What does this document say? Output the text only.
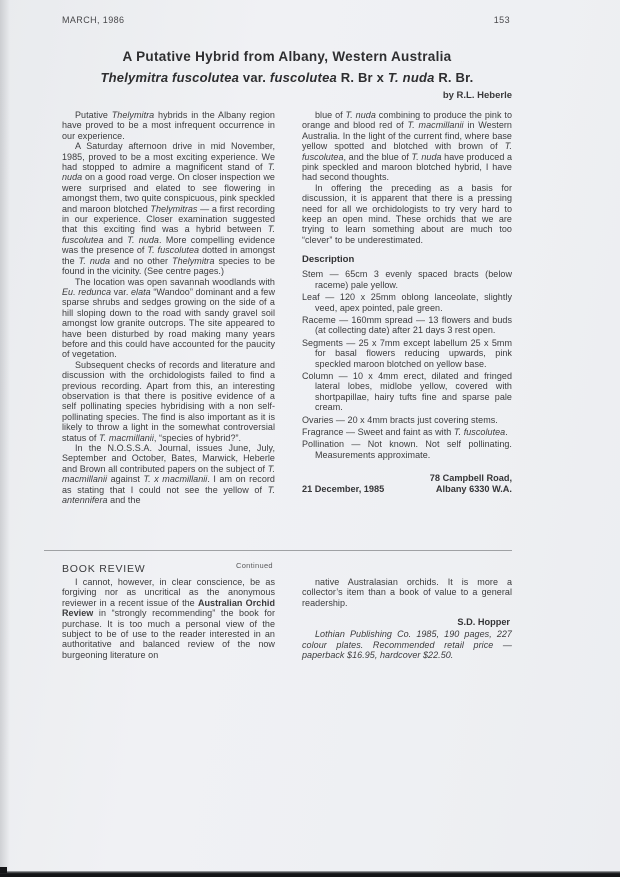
MARCH, 1986	153
A Putative Hybrid from Albany, Western Australia
Thelymitra fuscolutea var. fuscolutea R. Br x T. nuda R. Br.
by R.L. Heberle

Putative Thelymitra hybrids in the Albany region have proved to be a most infrequent occurrence in our experience.

A Saturday afternoon drive in mid November, 1985, proved to be a most exciting experience. We had stopped to admire a magnificent stand of T. nuda on a good road verge. On closer inspection we were surprised and elated to see flowering in amongst them, two quite conspicuous, pink speckled and maroon blotched Thelymitras — a first recording in our experience. Closer examination suggested that this exciting find was a hybrid between T. fuscolutea and T. nuda. More compelling evidence was the presence of T. fuscolutea dotted in amongst the T. nuda and no other Thelymitra species to be found in the vicinity. (See centre pages.)

The location was open savannah woodlands with Eu. redunca var. elata “Wandoo” dominant and a few sparse shrubs and sedges growing on the side of a hill sloping down to the road with sandy gravel soil amongst low granite outcrops. The site appeared to have been disturbed by road making many years before and this could have accounted for the paucity of vegetation.

Subsequent checks of records and literature and discussion with the orchidologists failed to find a previous recording. Apart from this, an interesting observation is that there is positive evidence of a self pollinating species hybridising with a non self-pollinating species. The find is also important as it is likely to throw a light in the somewhat controversial status of T. macmillanii, “species of hybrid?”.

In the N.O.S.S.A. Journal, issues June, July, September and October, Bates, Marwick, Heberle and Brown all contributed papers on the subject of T. macmillanii against T. x macmillanii. I am on record as stating that I could not see the yellow of T. antennifera and the

blue of T. nuda combining to produce the pink to orange and blood red of T. macmillanii in Western Australia. In the light of the current find, where base yellow spotted and blotched with brown of T. fuscolutea, and the blue of T. nuda have produced a pink speckled and maroon blotched hybrid, I have had second thoughts.

In offering the preceding as a basis for discussion, it is apparent that there is a pressing need for all we orchidologists to try very hard to keep an open mind. These orchids that we are trying to learn something about are much too “clever” to be underestimated.

Description

Stem — 65cm 3 evenly spaced bracts (below raceme) pale yellow.

Leaf — 120 x 25mm oblong lanceolate, slightly veed, apex pointed, pale green.

Raceme — 160mm spread — 13 flowers and buds (at collecting date) after 21 days 3 rest open.

Segments — 25 x 7mm except labellum 25 x 5mm for basal flowers reducing upwards, pink speckled maroon blotched on yellow base.

Column — 10 x 4mm erect, dilated and fringed lateral lobes, midlobe yellow, covered with shortpapillae, hairy tufts fine and sparse pale cream.

Ovaries — 20 x 4mm bracts just covering stems.

Fragrance — Sweet and faint as with T. fuscolutea.

Pollination — Not known. Not self pollinating. Measurements approximate.

21 December, 1985
78 Campbell Road,
Albany 6330 W.A.
BOOK REVIEW	Continued

I cannot, however, in clear conscience, be as forgiving nor as uncritical as the anonymous reviewer in a recent issue of the Australian Orchid Review in “strongly recommending” the book for purchase. It is too much a personal view of the subject to be of use to the reader interested in an authoritative and balanced review of the now burgeoning literature on

native Australasian orchids. It is more a collector’s item than a book of value to a general readership.

S.D. Hopper

Lothian Publishing Co. 1985, 190 pages, 227 colour plates. Recommended retail price — paperback $16.95, hardcover $22.50.
